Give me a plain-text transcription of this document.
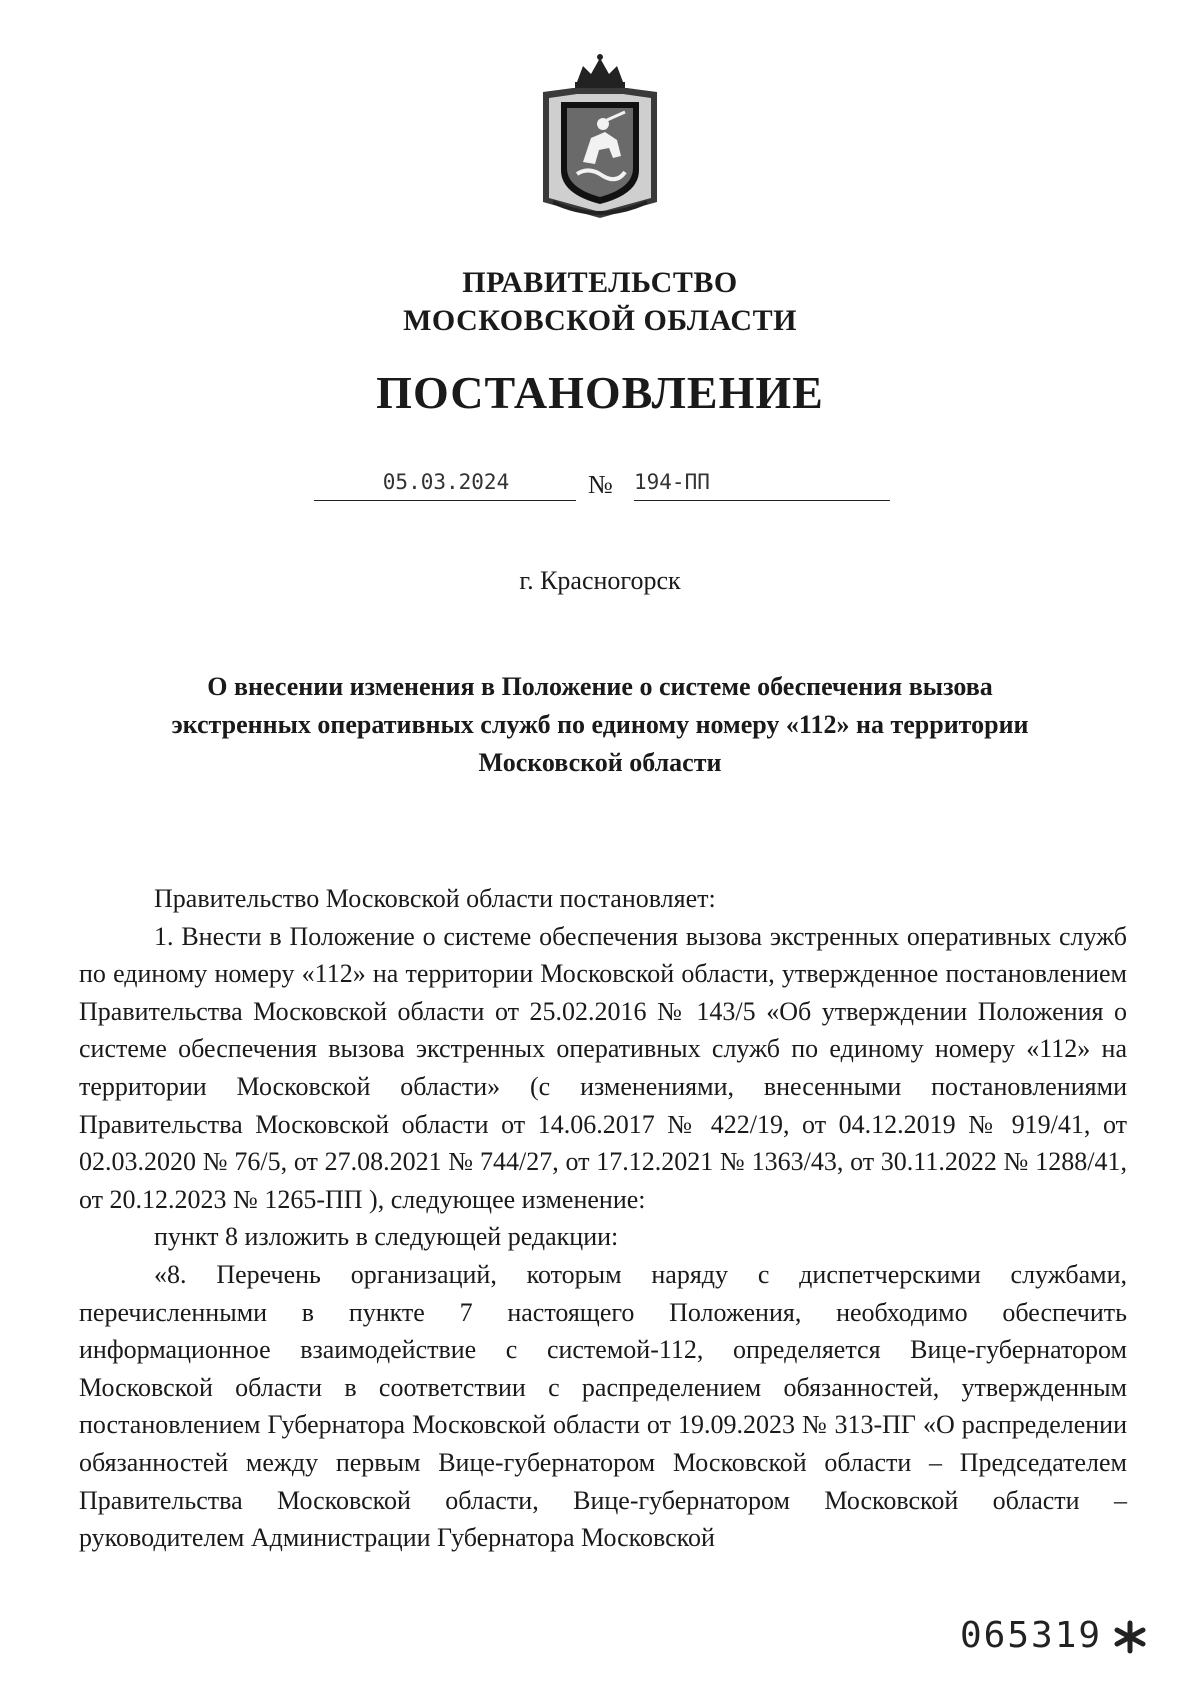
ПРАВИТЕЛЬСТВО
МОСКОВСКОЙ ОБЛАСТИ
ПОСТАНОВЛЕНИЕ
05.03.2024	№ 194-ПП
г. Красногорск
О внесении изменения в Положение о системе обеспечения вызова
экстренных оперативных служб по единому номеру «112» на территории
Московской области

Правительство Московской области постановляет:

1. Внести в Положение о системе обеспечения вызова экстренных оперативных служб по единому номеру «112» на территории Московской области, утвержденное постановлением Правительства Московской области от 25.02.2016 № 143/5 «Об утверждении Положения о системе обеспечения вызова экстренных оперативных служб по единому номеру «112» на территории Московской области» (с изменениями, внесенными постановлениями Правительства Московской области от 14.06.2017 № 422/19, от 04.12.2019 № 919/41, от 02.03.2020 № 76/5, от 27.08.2021 № 744/27, от 17.12.2021 № 1363/43, от 30.11.2022 № 1288/41, от 20.12.2023 № 1265-ПП ), следующее изменение:

пункт 8 изложить в следующей редакции:

«8. Перечень организаций, которым наряду с диспетчерскими службами, перечисленными в пункте 7 настоящего Положения, необходимо обеспечить информационное взаимодействие с системой-112, определяется Вице-губернатором Московской области в соответствии с распределением обязанностей, утвержденным постановлением Губернатора Московской области от 19.09.2023 № 313-ПГ «О распределении обязанностей между первым Вице-губернатором Московской области – Председателем Правительства Московской области, Вице-губернатором Московской области – руководителем Администрации Губернатора Московской

065319
